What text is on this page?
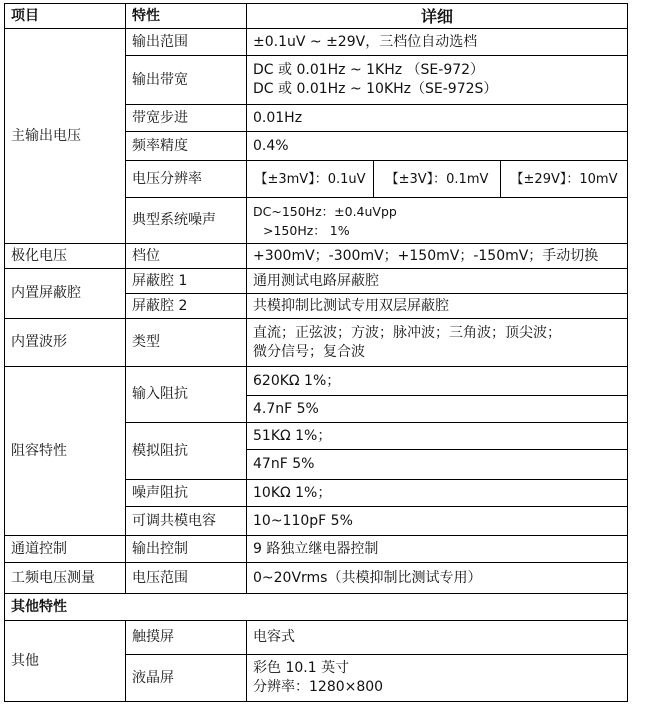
项目	特性	详细
主输出电压	输出范围	±0.1uV ~ ±29V，三档位自动选档
	输出带宽	DC 或 0.01Hz ~ 1KHz （SE-972）
DC 或 0.01Hz ~ 10KHz（SE-972S）

	带宽步进	0.01Hz
	频率精度	0.4%
	电压分辨率	【±3mV】：0.1uV 【±3V】：0.1mV 【±29V】：10mV

	典型系统噪声	DC~150Hz：±0.4uVpp
>150Hz： 1%

极化电压	档位	+300mV；-300mV；+150mV；-150mV；手动切换
内置屏蔽腔	屏蔽腔 1	通用测试电路屏蔽腔
	屏蔽腔 2	共模抑制比测试专用双层屏蔽腔
内置波形	类型	直流；正弦波；方波；脉冲波；三角波；顶尖波；
微分信号；复合波

阻容特性	输入阻抗	620KΩ 1%；
		4.7nF 5%
	模拟阻抗	51KΩ 1%；
		47nF 5%
	噪声阻抗	10KΩ 1%；
	可调共模电容	10~110pF 5%
通道控制	输出控制	9 路独立继电器控制
工频电压测量	电压范围	0~20Vrms（共模抑制比测试专用）
其他特性		
其他	触摸屏	电容式
	液晶屏	彩色 10.1 英寸
分辨率：1280×800
